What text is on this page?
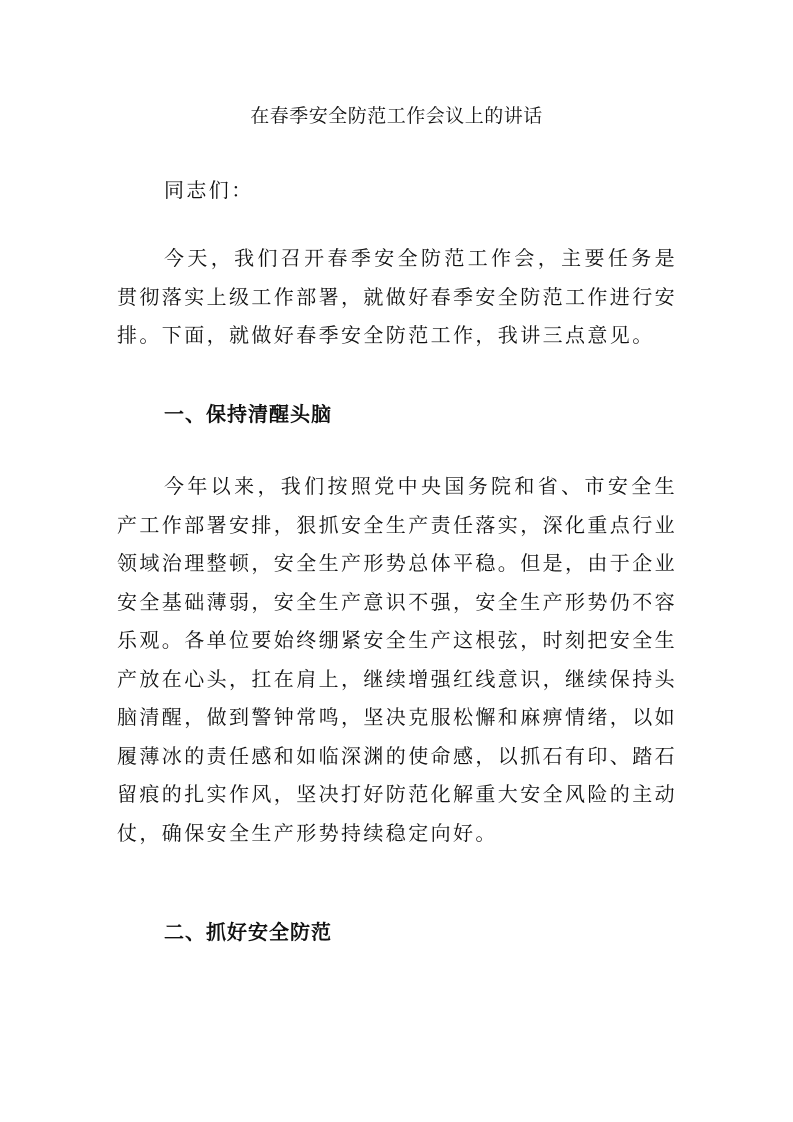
在春季安全防范工作会议上的讲话

同志们：

今天，我们召开春季安全防范工作会，主要任务是贯彻落实上级工作部署，就做好春季安全防范工作进行安排。下面，就做好春季安全防范工作，我讲三点意见。

一、保持清醒头脑

今年以来，我们按照党中央国务院和省、市安全生产工作部署安排，狠抓安全生产责任落实，深化重点行业领域治理整顿，安全生产形势总体平稳。但是，由于企业安全基础薄弱，安全生产意识不强，安全生产形势仍不容乐观。各单位要始终绷紧安全生产这根弦，时刻把安全生产放在心头，扛在肩上，继续增强红线意识，继续保持头脑清醒，做到警钟常鸣，坚决克服松懈和麻痹情绪，以如履薄冰的责任感和如临深渊的使命感，以抓石有印、踏石留痕的扎实作风，坚决打好防范化解重大安全风险的主动仗，确保安全生产形势持续稳定向好。

二、抓好安全防范
